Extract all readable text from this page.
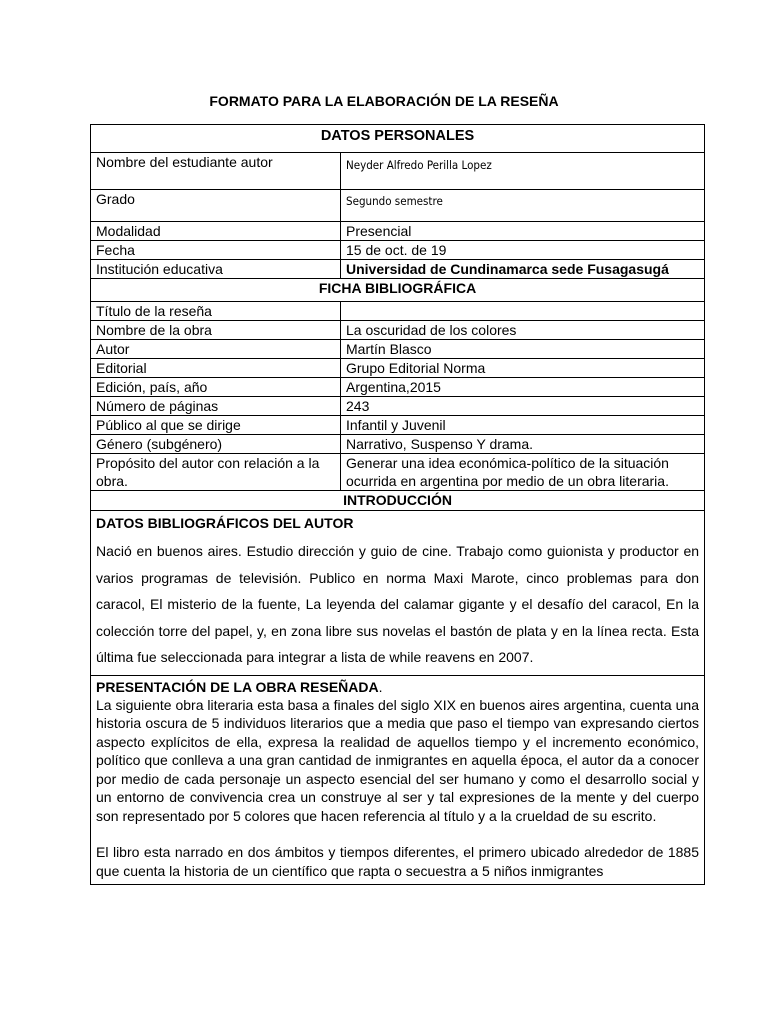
FORMATO PARA LA ELABORACIÓN DE LA RESEÑA
DATOS PERSONALES	
Nombre del estudiante autor	Neyder Alfredo Perilla Lopez
Grado	Segundo semestre
Modalidad	Presencial
Fecha	15 de oct. de 19
Institución educativa	Universidad de Cundinamarca sede Fusagasugá
FICHA BIBLIOGRÁFICA	
Título de la reseña	
Nombre de la obra	La oscuridad de los colores
Autor	Martín Blasco
Editorial	Grupo Editorial Norma
Edición, país, año	Argentina,2015
Número de páginas	243
Público al que se dirige	Infantil y Juvenil
Género (subgénero)	Narrativo, Suspenso Y drama.
Propósito del autor con relación a la obra.	Generar una idea económica-político de la situación ocurrida en argentina por medio de un obra literaria.
INTRODUCCIÓN	

DATOS BIBLIOGRÁFICOS DEL AUTOR
Nació en buenos aires. Estudio dirección y guio de cine. Trabajo como guionista y productor en varios programas de televisión. Publico en norma Maxi Marote, cinco problemas para don caracol, El misterio de la fuente, La leyenda del calamar gigante y el desafío del caracol, En la colección torre del papel, y, en zona libre sus novelas el bastón de plata y en la línea recta. Esta última fue seleccionada para integrar a lista de while reavens en 2007.	

PRESENTACIÓN DE LA OBRA RESEÑADA.
La siguiente obra literaria esta basa a finales del siglo XIX en buenos aires argentina, cuenta una historia oscura de 5 individuos literarios que a media que paso el tiempo van expresando ciertos aspecto explícitos de ella, expresa la realidad de aquellos tiempo y el incremento económico, político que conlleva a una gran cantidad de inmigrantes en aquella época, el autor da a conocer por medio de cada personaje un aspecto esencial del ser humano y como el desarrollo social y un entorno de convivencia crea un construye al ser y tal expresiones de la mente y del cuerpo son representado por 5 colores que hacen referencia al título y a la crueldad de su escrito.
El libro esta narrado en dos ámbitos y tiempos diferentes, el primero ubicado alrededor de 1885 que cuenta la historia de un científico que rapta o secuestra a 5 niños inmigrantes	
